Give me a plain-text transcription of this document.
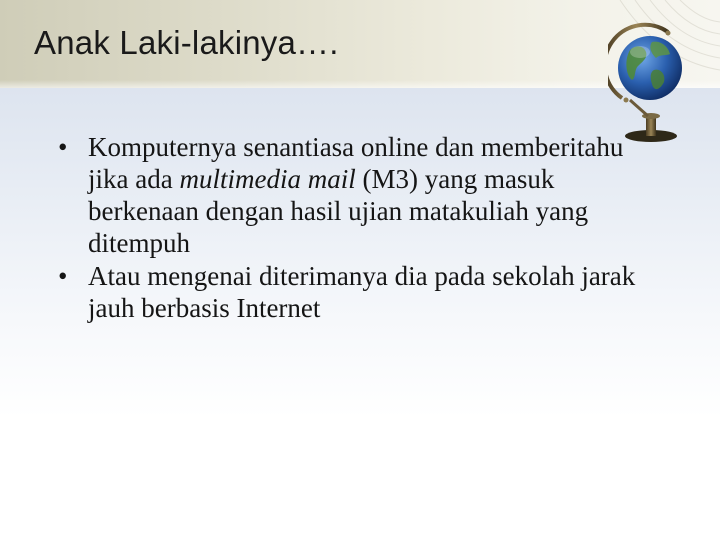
Anak Laki-lakinya….
• Komputernya senantiasa online dan memberitahu jika ada multimedia mail (M3) yang masuk berkenaan dengan hasil ujian matakuliah yang ditempuh
• Atau mengenai diterimanya dia pada sekolah jarak jauh berbasis Internet
